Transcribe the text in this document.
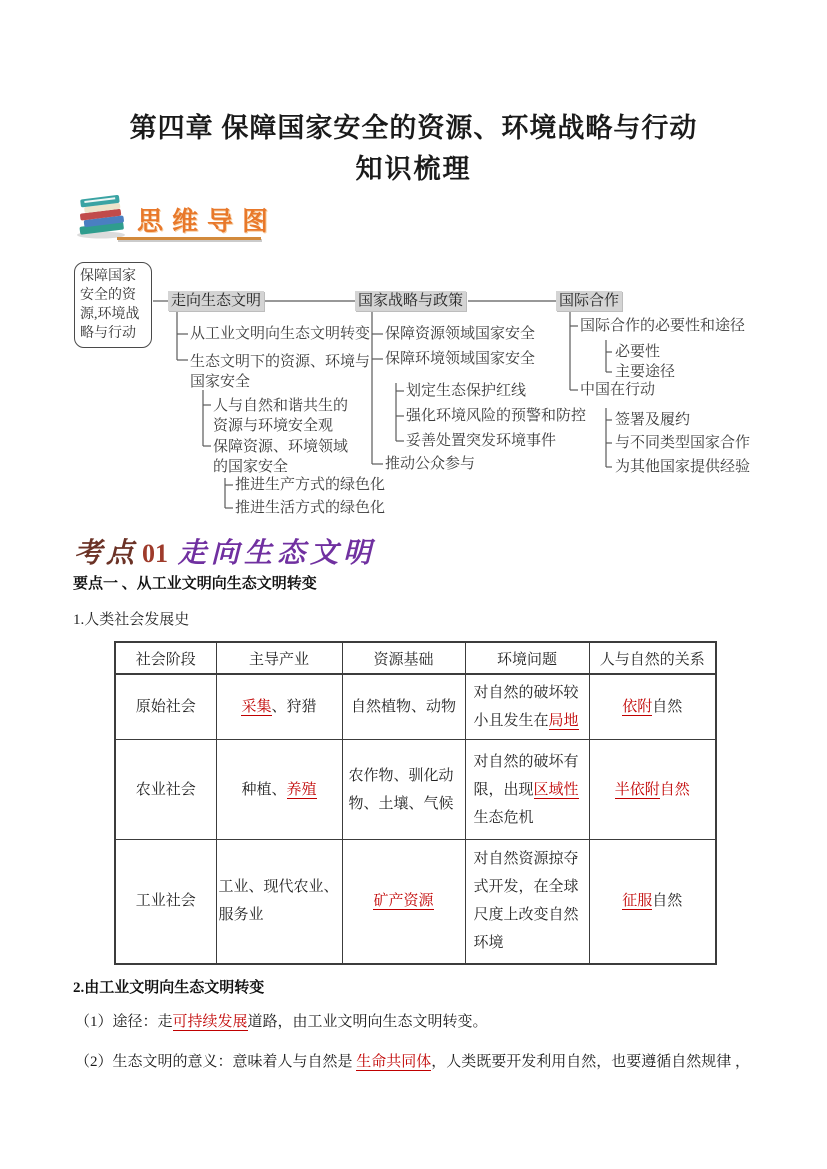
第四章 保障国家安全的资源、环境战略与行动
知识梳理
思维导图
保障国家安全的资源,环境战略与行动
走向生态文明	国家战略与政策	国际合作
从工业文明向生态文明转变
生态文明下的资源、环境与国家安全
人与自然和谐共生的资源与环境安全观
保障资源、环境领域的国家安全
推进生产方式的绿色化
推进生活方式的绿色化
保障资源领域国家安全
保障环境领域国家安全
划定生态保护红线
强化环境风险的预警和防控
妥善处置突发环境事件
推动公众参与
国际合作的必要性和途径
必要性
主要途径
中国在行动
签署及履约
与不同类型国家合作
为其他国家提供经验
考点 01 走向生态文明
要点一 、从工业文明向生态文明转变
1.人类社会发展史
社会阶段	主导产业	资源基础	环境问题	人与自然的关系
原始社会	采集、狩猎	自然植物、动物	对自然的破坏较小且发生在局地	依附自然
农业社会	种植、养殖	农作物、驯化动物、土壤、气候	对自然的破坏有限，出现区域性生态危机	半依附自然
工业社会	工业、现代农业、服务业	矿产资源	对自然资源掠夺式开发，在全球尺度上改变自然环境	征服自然
2.由工业文明向生态文明转变
（1）途径：走可持续发展道路，由工业文明向生态文明转变。
（2）生态文明的意义：意味着人与自然是 生命共同体，人类既要开发利用自然，也要遵循自然规律 ，
